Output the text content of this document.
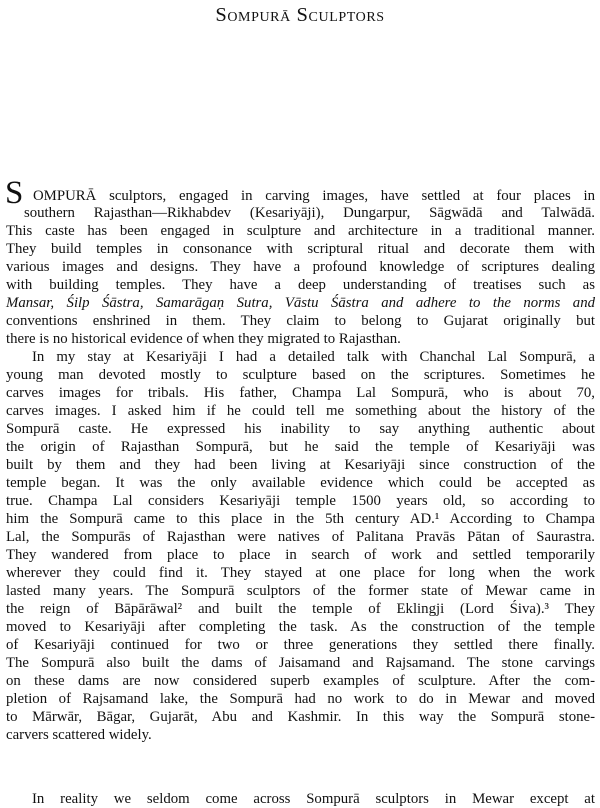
Sompurā Sculptors
S OMPURĀ sculptors, engaged in carving images, have settled at four places in
southern Rajasthan—Rikhabdev (Kesariyāji), Dungarpur, Sāgwādā and Talwādā.
This caste has been engaged in sculpture and architecture in a traditional manner.
They build temples in consonance with scriptural ritual and decorate them with
various images and designs. They have a profound knowledge of scriptures dealing
with building temples. They have a deep understanding of treatises such as
Mansar, Śilp Śāstra, Samarāgaṇ Sutra, Vāstu Śāstra and adhere to the norms and
conventions enshrined in them. They claim to belong to Gujarat originally but
there is no historical evidence of when they migrated to Rajasthan.
In my stay at Kesariyāji I had a detailed talk with Chanchal Lal Sompurā, a
young man devoted mostly to sculpture based on the scriptures. Sometimes he
carves images for tribals. His father, Champa Lal Sompurā, who is about 70,
carves images. I asked him if he could tell me something about the history of the
Sompurā caste. He expressed his inability to say anything authentic about
the origin of Rajasthan Sompurā, but he said the temple of Kesariyāji was
built by them and they had been living at Kesariyāji since construction of the
temple began. It was the only available evidence which could be accepted as
true. Champa Lal considers Kesariyāji temple 1500 years old, so according to
him the Sompurā came to this place in the 5th century AD.¹ According to Champa
Lal, the Sompurās of Rajasthan were natives of Palitana Pravās Pātan of Saurastra.
They wandered from place to place in search of work and settled temporarily
wherever they could find it. They stayed at one place for long when the work
lasted many years. The Sompurā sculptors of the former state of Mewar came in
the reign of Bāpārāwal² and built the temple of Eklingji (Lord Śiva).³ They
moved to Kesariyāji after completing the task. As the construction of the temple
of Kesariyāji continued for two or three generations they settled there finally.
The Sompurā also built the dams of Jaisamand and Rajsamand. The stone carvings
on these dams are now considered superb examples of sculpture. After the com-
pletion of Rajsamand lake, the Sompurā had no work to do in Mewar and moved
to Mārwār, Bāgar, Gujarāt, Abu and Kashmir. In this way the Sompurā stone-
carvers scattered widely.
In reality we seldom come across Sompurā sculptors in Mewar except at
